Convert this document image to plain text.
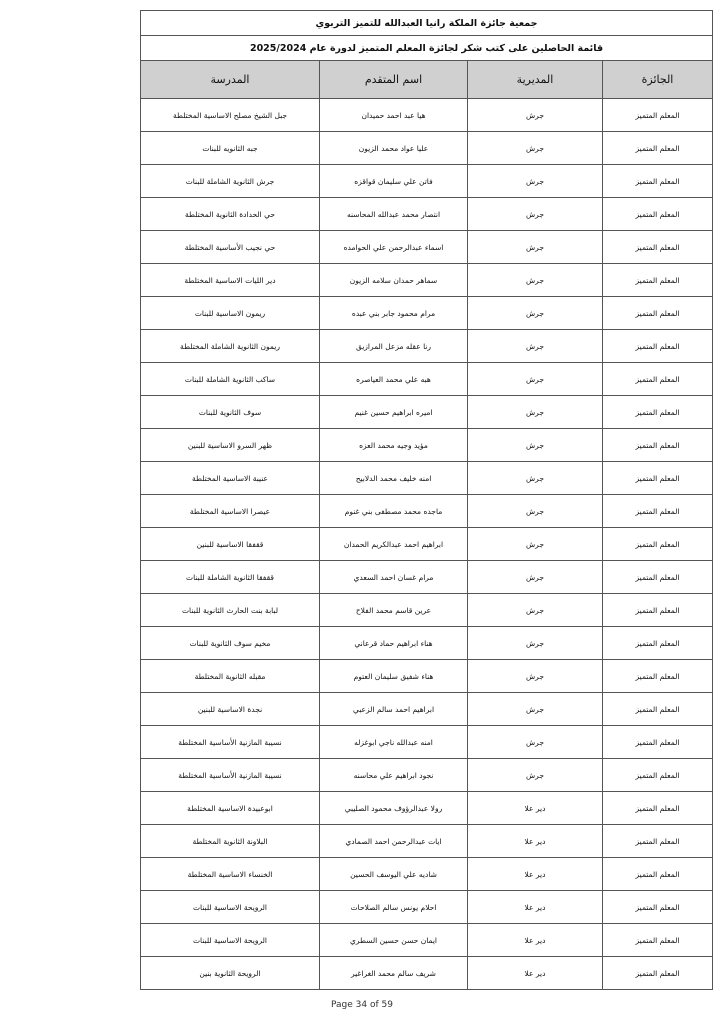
جمعية جائزة الملكة رانيا العبدالله للتميز التربوي			
قائمة الحاصلين على كتب شكر لجائزة المعلم المتميز لدورة عام 2025/2024			
الجائزة	المديرية	اسم المتقدم	المدرسة
المعلم المتميز	جرش	هيا عبد احمد حميدان	جبل الشيخ مصلح الاساسية المختلطة
المعلم المتميز	جرش	عليا عواد محمد الزيون	جبه الثانويه للبنات
المعلم المتميز	جرش	فاتن علي سليمان قواقزه	جرش الثانوية الشاملة للبنات
المعلم المتميز	جرش	انتصار محمد عبدالله المحاسنه	حي الحدادة الثانوية المختلطة
المعلم المتميز	جرش	اسماء عبدالرحمن علي الحوامده	حي نجيب الأساسية المختلطة
المعلم المتميز	جرش	سماهر حمدان سلامه الزيون	دير الليات الاساسية المختلطة
المعلم المتميز	جرش	مرام محمود جابر بني عبده	ريمون الاساسية للبنات
المعلم المتميز	جرش	رنا عقله مزعل المرازيق	ريمون الثانوية الشاملة المختلطة
المعلم المتميز	جرش	هبه علي محمد العياصره	ساكب الثانوية الشاملة للبنات
المعلم المتميز	جرش	اميره ابراهيم حسين غنيم	سوف الثانوية للبنات
المعلم المتميز	جرش	مؤيد وجيه محمد العزه	ظهر السرو الاساسية للبنين
المعلم المتميز	جرش	امنه خليف محمد الدلابيح	عنيبة الاساسية المختلطة
المعلم المتميز	جرش	ماجده محمد مصطفى بني غنوم	عيصرا الاساسية المختلطة
المعلم المتميز	جرش	ابراهيم احمد عبدالكريم الحمدان	ققفقا الاساسية للبنين
المعلم المتميز	جرش	مرام غسان احمد السعدي	ققفقا الثانوية الشاملة للبنات
المعلم المتميز	جرش	عرين قاسم محمد الفلاح	لبابة بنت الحارث الثانوية للبنات
المعلم المتميز	جرش	هناء ابراهيم حماد قرعاني	مخيم سوف الثانوية للبنات
المعلم المتميز	جرش	هناء شفيق سليمان العتوم	مقبله الثانوية المختلطة
المعلم المتميز	جرش	ابراهيم احمد سالم الزعبي	نجدة الاساسية للبنين
المعلم المتميز	جرش	امنه عبدالله ناجي ابوغزله	نسيبة المازنية الأساسية المختلطة
المعلم المتميز	جرش	نجود ابراهيم علي محاسنه	نسيبة المازنية الأساسية المختلطة
المعلم المتميز	دير علا	رولا عبدالرؤوف محمود الصليبي	ابوعبيدة الاساسية المختلطة
المعلم المتميز	دير علا	ايات عبدالرحمن احمد الصمادي	البلاونة الثانوية المختلطة
المعلم المتميز	دير علا	شاديه علي اليوسف الحسين	الخنساء الاساسية المختلطة
المعلم المتميز	دير علا	احلام يونس سالم الصلاحات	الرويحة الاساسية للبنات
المعلم المتميز	دير علا	ايمان حسن حسين السطري	الرويحة الاساسية للبنات
المعلم المتميز	دير علا	شريف سالم محمد الغراغير	الرويحة الثانوية بنين
Page 34 of 59
